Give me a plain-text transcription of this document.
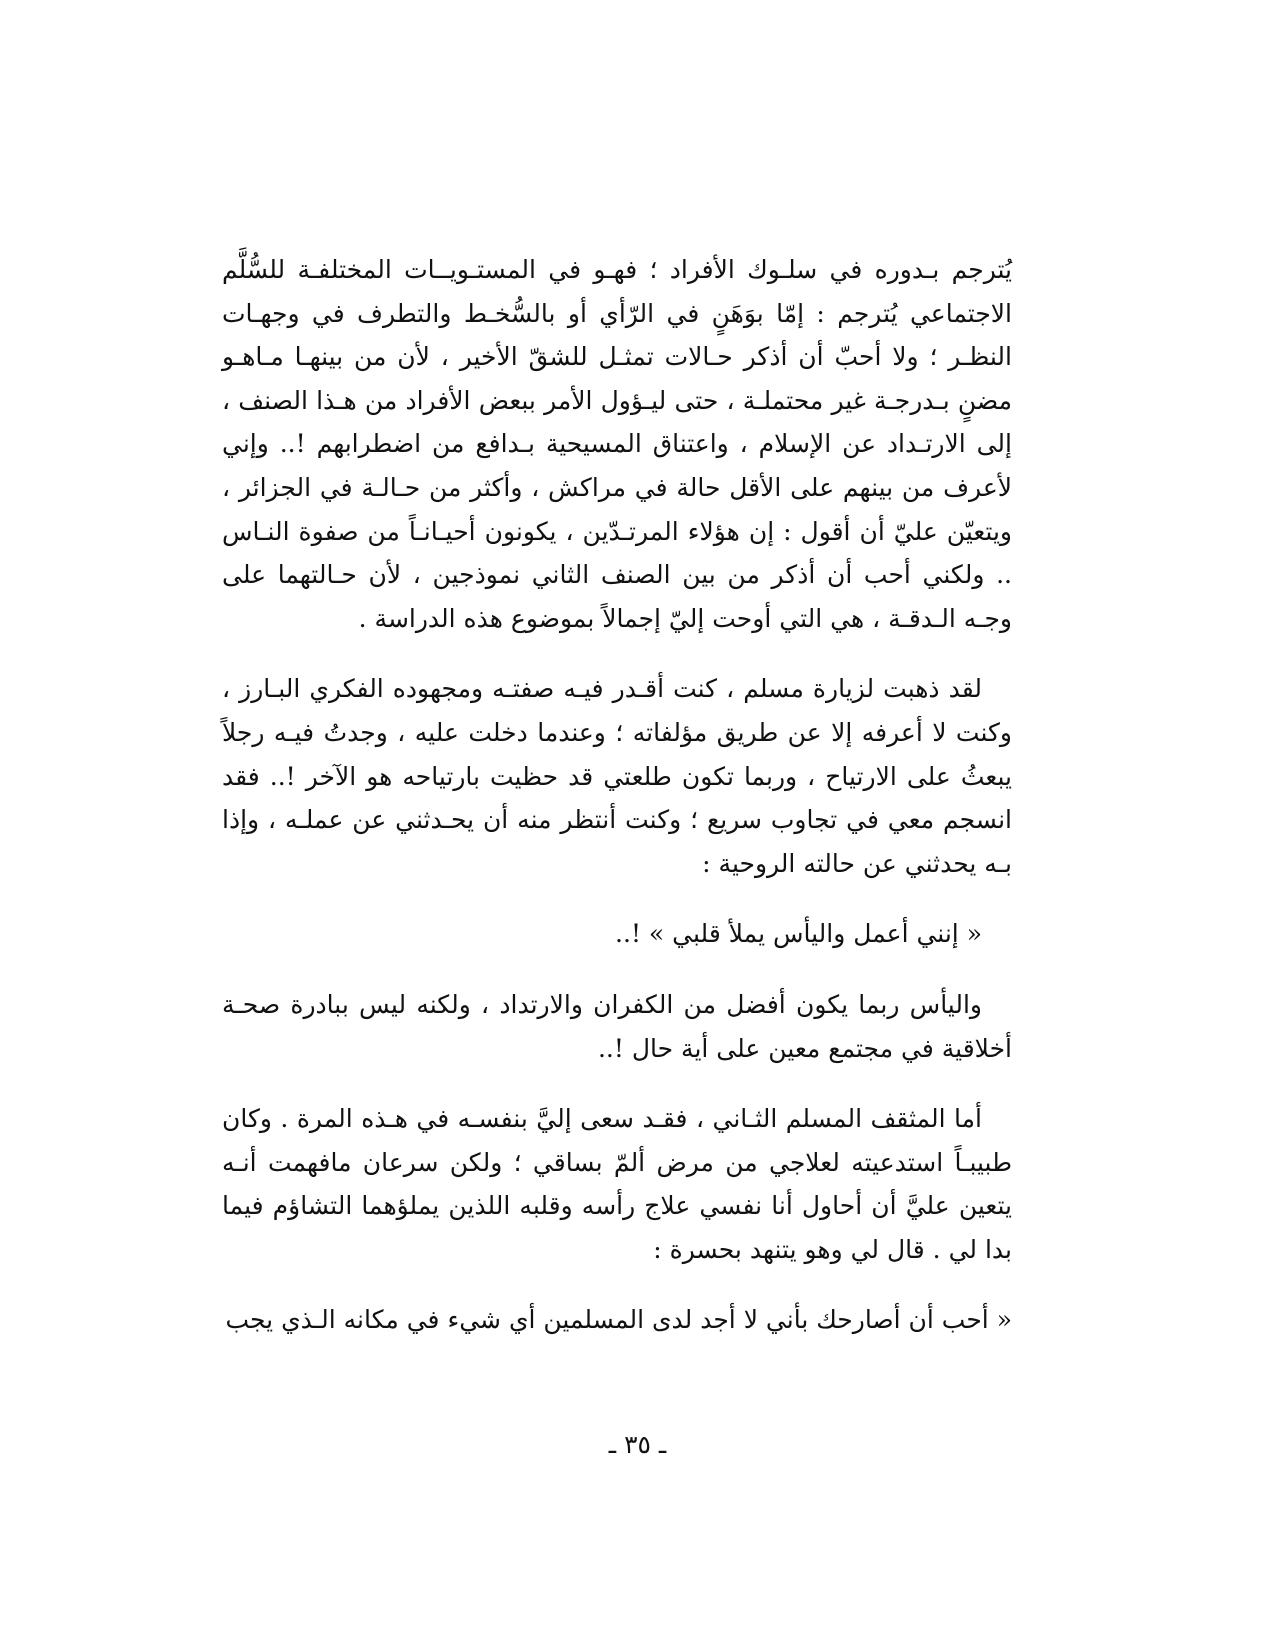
يُترجم بـدوره في سلـوك الأفراد ؛ فهـو في المستـويــات المختلفـة للسُّلَّم الاجتماعي يُترجم : إمّا بوَهَنٍ في الرّأي أو بالسُّخـط والتطرف في وجهـات النظـر ؛ ولا أحبّ أن أذكر حـالات تمثـل للشقّ الأخير ، لأن من بينهـا مـاهـو مضنٍ بـدرجـة غير محتملـة ، حتى ليـؤول الأمر ببعض الأفراد من هـذا الصنف ، إلى الارتـداد عن الإسلام ، واعتناق المسيحية بـدافع من اضطرابهم !.. وإني لأعرف من بينهم على الأقل حالة في مراكش ، وأكثر من حـالـة في الجزائر ، ويتعيّن عليّ أن أقول : إن هؤلاء المرتـدّين ، يكونون أحيـانـاً من صفوة النـاس .. ولكني أحب أن أذكر من بين الصنف الثاني نموذجين ، لأن حـالتهما على وجـه الـدقـة ، هي التي أوحت إليّ إجمالاً بموضوع هذه الدراسة .

لقد ذهبت لزيارة مسلم ، كنت أقـدر فيـه صفتـه ومجهوده الفكري البـارز ، وكنت لا أعرفه إلا عن طريق مؤلفاته ؛ وعندما دخلت عليه ، وجدتُ فيـه رجلاً يبعثُ على الارتياح ، وربما تكون طلعتي قد حظيت بارتياحه هو الآخر !.. فقد انسجم معي في تجاوب سريع ؛ وكنت أنتظر منه أن يحـدثني عن عملـه ، وإذا بـه يحدثني عن حالته الروحية :

« إنني أعمل واليأس يملأ قلبي » !..

واليأس ربما يكون أفضل من الكفران والارتداد ، ولكنه ليس ببادرة صحـة أخلاقية في مجتمع معين على أية حال !..

أما المثقف المسلم الثـاني ، فقـد سعى إليَّ بنفسـه في هـذه المرة . وكان طبيبـاً استدعيته لعلاجي من مرض ألمّ بساقي ؛ ولكن سرعان مافهمت أنـه يتعين عليَّ أن أحاول أنا نفسي علاج رأسه وقلبه اللذين يملؤهما التشاؤم فيما بدا لي . قال لي وهو يتنهد بحسرة :

« أحب أن أصارحك بأني لا أجد لدى المسلمين أي شيء في مكانه الـذي يجب

ـ ٣٥ ـ
